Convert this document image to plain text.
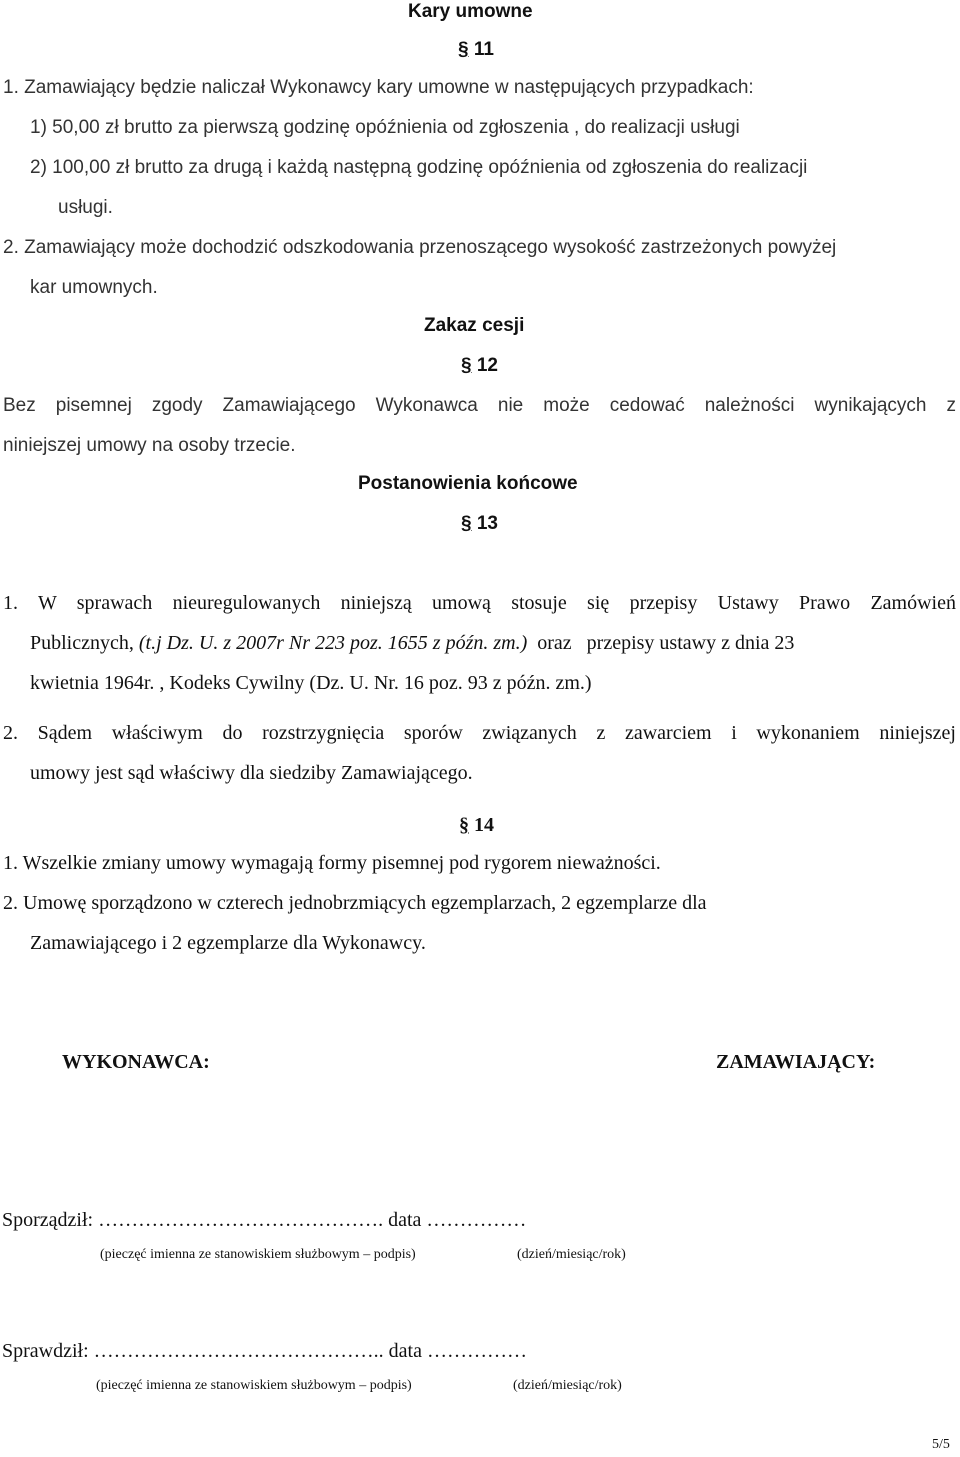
Kary umowne
§ 11
1. Zamawiający będzie naliczał Wykonawcy kary umowne w następujących przypadkach:
1) 50,00 zł brutto za pierwszą godzinę opóźnienia od zgłoszenia , do realizacji usługi
2) 100,00 zł brutto za drugą i każdą następną godzinę opóźnienia od zgłoszenia do realizacji
usługi.
2. Zamawiający może dochodzić odszkodowania przenoszącego wysokość zastrzeżonych powyżej
kar umownych.
Zakaz cesji
§ 12
Bez pisemnej zgody Zamawiającego Wykonawca nie może cedować należności wynikających z
niniejszej umowy na osoby trzecie.
Postanowienia końcowe
§ 13
1. W sprawach nieuregulowanych niniejszą umową stosuje się przepisy Ustawy Prawo Zamówień
Publicznych, (t.j Dz. U. z 2007r Nr 223 poz. 1655 z późn. zm.)  oraz   przepisy ustawy z dnia 23
kwietnia 1964r. , Kodeks Cywilny (Dz. U. Nr. 16 poz. 93 z późn. zm.)
2. Sądem właściwym do rozstrzygnięcia sporów związanych z zawarciem i wykonaniem niniejszej
umowy jest sąd właściwy dla siedziby Zamawiającego.
§ 14
1. Wszelkie zmiany umowy wymagają formy pisemnej pod rygorem nieważności.
2. Umowę sporządzono w czterech jednobrzmiących egzemplarzach, 2 egzemplarze dla
Zamawiającego i 2 egzemplarze dla Wykonawcy.
WYKONAWCA:	ZAMAWIAJĄCY:
Sporządził: ……………………………………. data ……………
(pieczęć imienna ze stanowiskiem służbowym – podpis)	(dzień/miesiąc/rok)
Sprawdził: …………………………………….. data ……………
(pieczęć imienna ze stanowiskiem służbowym – podpis)	(dzień/miesiąc/rok)
5/5
